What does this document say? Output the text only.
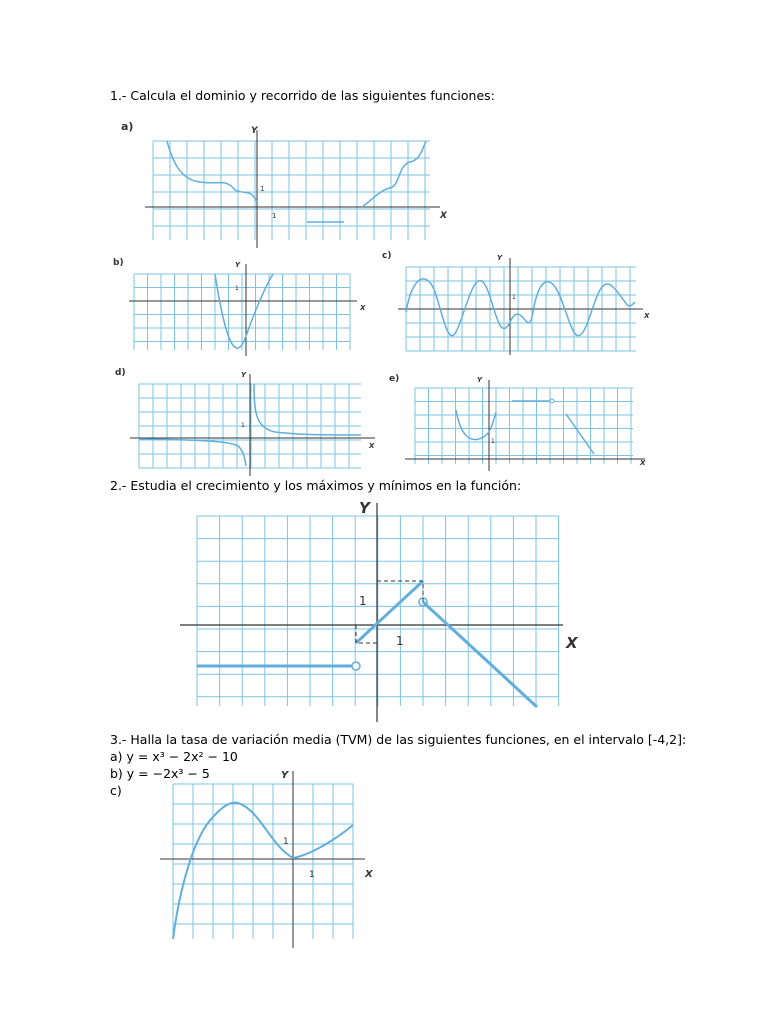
1.- Calcula el dominio y recorrido de las siguientes funciones:
2.- Estudia el crecimiento y los máximos y mínimos en la función:
3.- Halla la tasa de variación media (TVM) de las siguientes funciones, en el intervalo [-4,2]:
a) y = x³ − 2x² − 10
b) y = −2x³ − 5
c)
a)
b)
c)
d)
e)
Y
X
1
1
Y
X
1
Y
X
1
Y
X
1
Y
X
1
Y
X
1
1
Y
X
1
1
